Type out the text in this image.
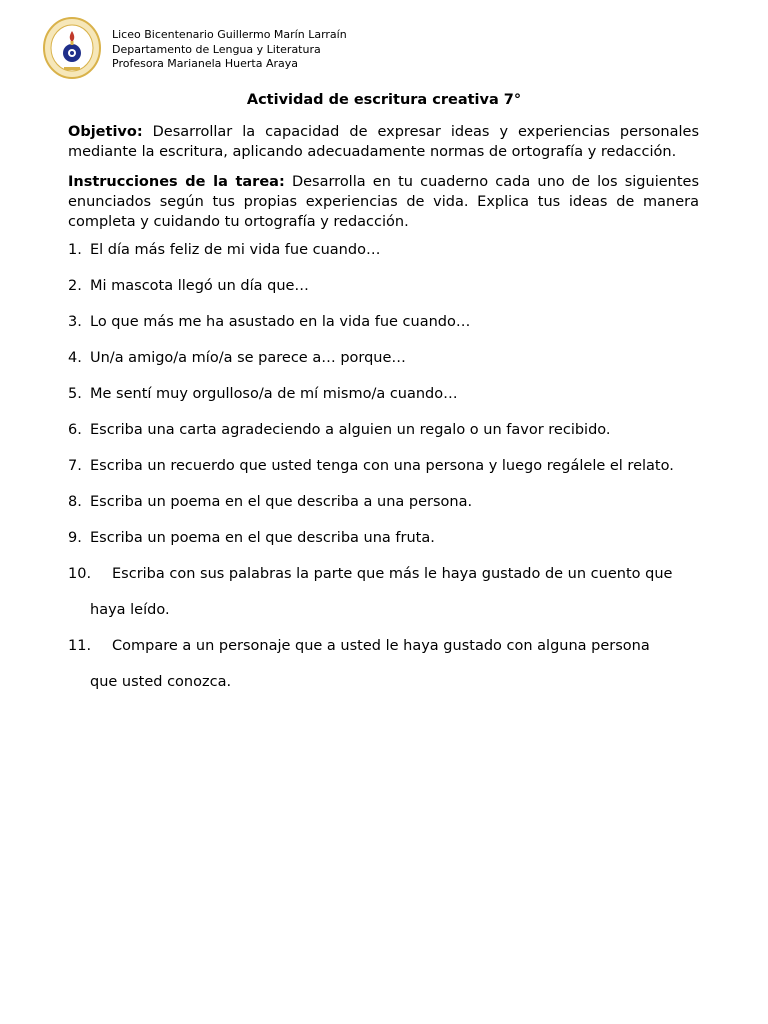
Liceo Bicentenario Guillermo Marín Larraín
Departamento de Lengua y Literatura
Profesora Marianela Huerta Araya
Actividad de escritura creativa 7°
Objetivo: Desarrollar la capacidad de expresar ideas y experiencias personales mediante la escritura, aplicando adecuadamente normas de ortografía y redacción.
Instrucciones de la tarea: Desarrolla en tu cuaderno cada uno de los siguientes enunciados según tus propias experiencias de vida. Explica tus ideas de manera completa y cuidando tu ortografía y redacción.
1. El día más feliz de mi vida fue cuando…
2. Mi mascota llegó un día que…
3. Lo que más me ha asustado en la vida fue cuando…
4. Un/a amigo/a mío/a se parece a… porque…
5. Me sentí muy orgulloso/a de mí mismo/a cuando…
6. Escriba una carta agradeciendo a alguien un regalo o un favor recibido.
7. Escriba un recuerdo que usted tenga con una persona y luego regálele el relato.
8. Escriba un poema en el que describa a una persona.
9. Escriba un poema en el que describa una fruta.
10. Escriba con sus palabras la parte que más le haya gustado de un cuento que
haya leído.
11. Compare a un personaje que a usted le haya gustado con alguna persona
que usted conozca.
